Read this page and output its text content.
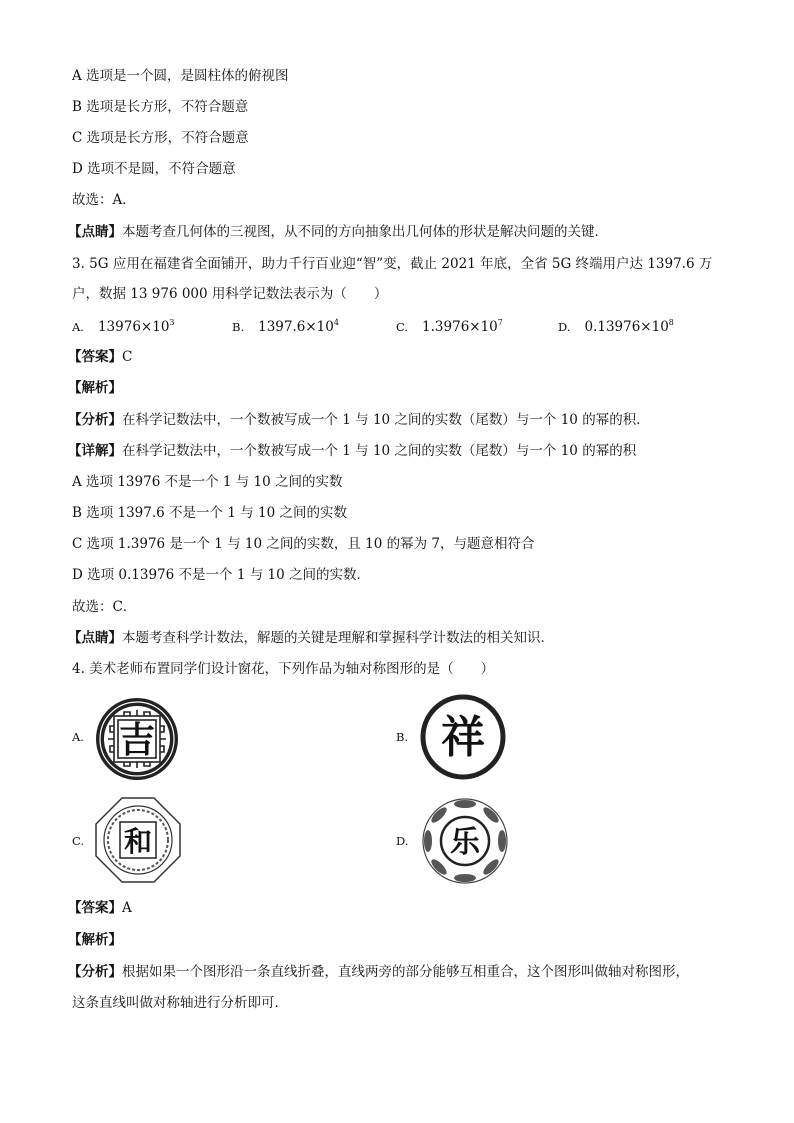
A 选项是一个圆，是圆柱体的俯视图
B 选项是长方形，不符合题意
C 选项是长方形，不符合题意
D 选项不是圆，不符合题意
故选：A．
【点睛】本题考查几何体的三视图，从不同的方向抽象出几何体的形状是解决问题的关键．
3. 5G 应用在福建省全面铺开，助力千行百业迎“智”变，截止 2021 年底，全省 5G 终端用户达 1397.6 万
户，数据 13 976 000 用科学记数法表示为（　　）
A. $13976\times 10^3$	B. $1397.6\times 10^4$	C. $1.3976\times 10^7$	D. $0.13976\times 10^8$
【答案】C
【解析】
【分析】在科学记数法中，一个数被写成一个 1 与 10 之间的实数（尾数）与一个 10 的幂的积．
【详解】在科学记数法中，一个数被写成一个 1 与 10 之间的实数（尾数）与一个 10 的幂的积
A 选项 13976 不是一个 1 与 10 之间的实数
B 选项 1397.6 不是一个 1 与 10 之间的实数
C 选项 1.3976 是一个 1 与 10 之间的实数，且 10 的幂为 7，与题意相符合
D 选项 0.13976 不是一个 1 与 10 之间的实数．
故选：C．
【点睛】本题考查科学计数法，解题的关键是理解和掌握科学计数法的相关知识．
4. 美术老师布置同学们设计窗花，下列作品为轴对称图形的是（　　）
A. 吉	B. 祥
C. 和	D. 乐
【答案】A
【解析】
【分析】根据如果一个图形沿一条直线折叠，直线两旁的部分能够互相重合，这个图形叫做轴对称图形，
这条直线叫做对称轴进行分析即可．
